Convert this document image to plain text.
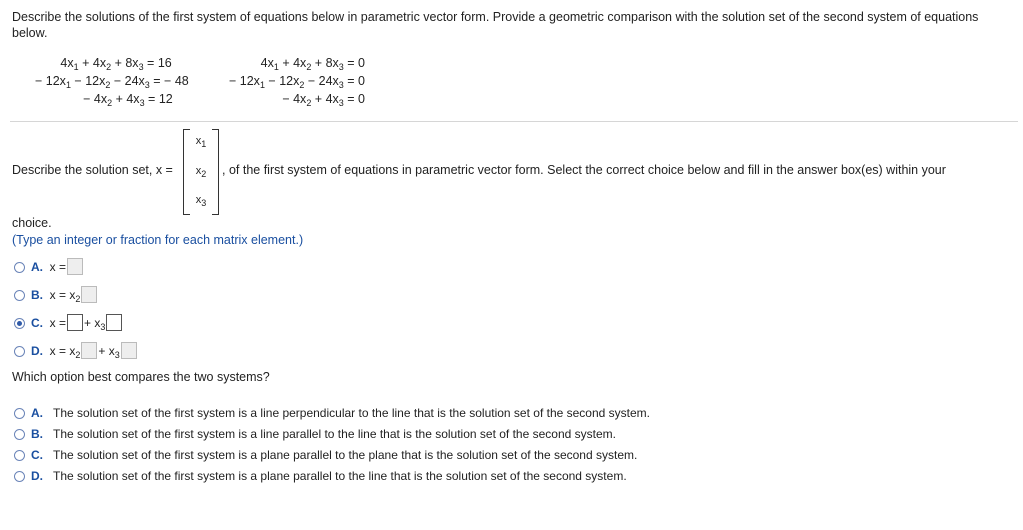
Describe the solutions of the first system of equations below in parametric vector form. Provide a geometric comparison with the solution set of the second system of equations below.
$4x_1 + 4x_2 + 8x_3 = 16$
− $12x_1 - 12x_2 - 24x_3$ = − 48
− $4x_2 + 4x_3 = 12$
$4x_1 + 4x_2 + 8x_3 = 0$
− $12x_1 - 12x_2 - 24x_3 = 0$
− $4x_2 + 4x_3 = 0$
Describe the solution set, x =
$x_1$
$x_2$
$x_3$
, of the first system of equations in parametric vector form. Select the correct choice below and fill in the answer box(es) within your
choice.
(Type an integer or fraction for each matrix element.)
A.
x =
B.
$x = x_2$
C.
x = + $x_3$
D.
$x = x_2 + x_3$
Which option best compares the two systems?
A.
The solution set of the first system is a line perpendicular to the line that is the solution set of the second system.
B.
The solution set of the first system is a line parallel to the line that is the solution set of the second system.
C.
The solution set of the first system is a plane parallel to the plane that is the solution set of the second system.
D.
The solution set of the first system is a plane parallel to the line that is the solution set of the second system.
